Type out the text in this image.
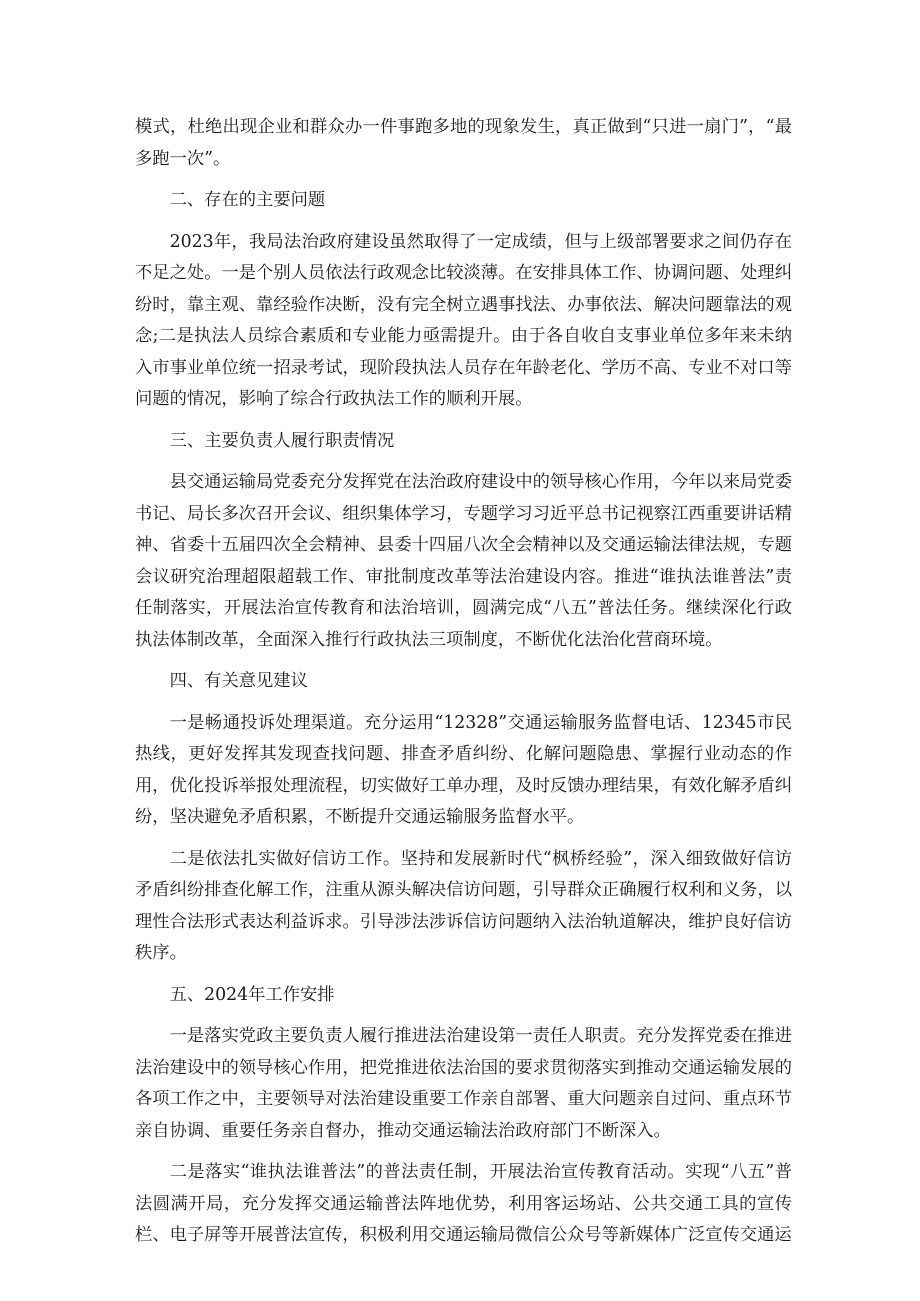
模式，杜绝出现企业和群众办一件事跑多地的现象发生，真正做到“只进一扇门”，“最多跑一次”。

二、存在的主要问题

2023年，我局法治政府建设虽然取得了一定成绩，但与上级部署要求之间仍存在不足之处。一是个别人员依法行政观念比较淡薄。在安排具体工作、协调问题、处理纠纷时，靠主观、靠经验作决断，没有完全树立遇事找法、办事依法、解决问题靠法的观念;二是执法人员综合素质和专业能力亟需提升。由于各自收自支事业单位多年来未纳入市事业单位统一招录考试，现阶段执法人员存在年龄老化、学历不高、专业不对口等问题的情况，影响了综合行政执法工作的顺利开展。

三、主要负责人履行职责情况

县交通运输局党委充分发挥党在法治政府建设中的领导核心作用，今年以来局党委书记、局长多次召开会议、组织集体学习，专题学习习近平总书记视察江西重要讲话精神、省委十五届四次全会精神、县委十四届八次全会精神以及交通运输法律法规，专题会议研究治理超限超载工作、审批制度改革等法治建设内容。推进“谁执法谁普法”责任制落实，开展法治宣传教育和法治培训，圆满完成“八五”普法任务。继续深化行政执法体制改革，全面深入推行行政执法三项制度，不断优化法治化营商环境。

四、有关意见建议

一是畅通投诉处理渠道。充分运用“12328”交通运输服务监督电话、12345市民热线，更好发挥其发现查找问题、排查矛盾纠纷、化解问题隐患、掌握行业动态的作用，优化投诉举报处理流程，切实做好工单办理，及时反馈办理结果，有效化解矛盾纠纷，坚决避免矛盾积累，不断提升交通运输服务监督水平。

二是依法扎实做好信访工作。坚持和发展新时代“枫桥经验”，深入细致做好信访矛盾纠纷排查化解工作，注重从源头解决信访问题，引导群众正确履行权利和义务，以理性合法形式表达利益诉求。引导涉法涉诉信访问题纳入法治轨道解决，维护良好信访秩序。

五、2024年工作安排

一是落实党政主要负责人履行推进法治建设第一责任人职责。充分发挥党委在推进法治建设中的领导核心作用，把党推进依法治国的要求贯彻落实到推动交通运输发展的各项工作之中，主要领导对法治建设重要工作亲自部署、重大问题亲自过问、重点环节亲自协调、重要任务亲自督办，推动交通运输法治政府部门不断深入。

二是落实“谁执法谁普法”的普法责任制，开展法治宣传教育活动。实现“八五”普法圆满开局，充分发挥交通运输普法阵地优势，利用客运场站、公共交通工具的宣传栏、电子屏等开展普法宣传，积极利用交通运输局微信公众号等新媒体广泛宣传交通运
